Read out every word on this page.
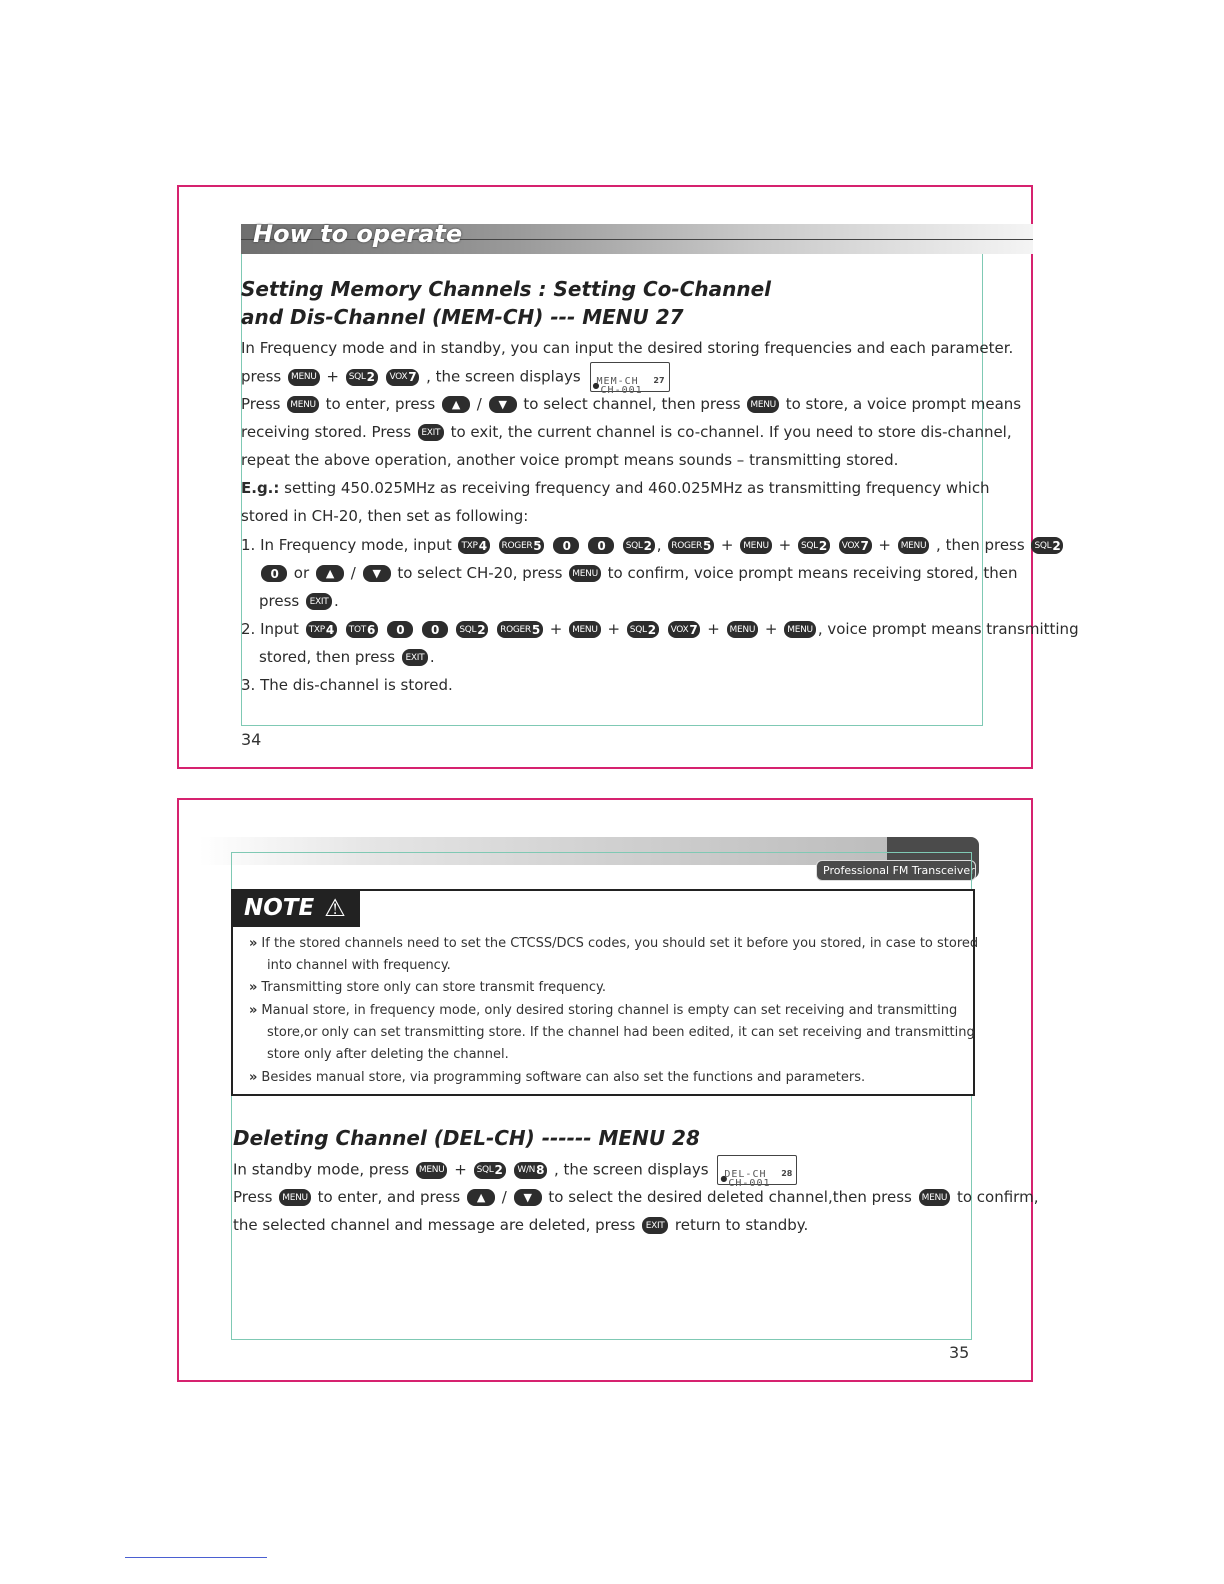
How to operate
Setting Memory Channels : Setting Co-Channel
and Dis-Channel (MEM-CH) --- MENU 27
In Frequency mode and in standby, you can input the desired storing frequencies and each parameter.
press MENU + SQL 2
VOX 7 , the screen displays ●
MEM-CH
CH-001
27
Press MENU to enter, press ▲ / ▼ to select channel, then press MENU to store, a voice prompt means
receiving stored. Press EXIT to exit, the current channel is co-channel. If you need to store dis-channel,
repeat the above operation, another voice prompt means sounds – transmitting stored.
E.g.: setting 450.025MHz as receiving frequency and 460.025MHz as transmitting frequency which
stored in CH-20, then set as following:
1. In Frequency mode, input TXP 4
ROGER 5
0
0
SQL 2 , ROGER 5 + MENU + SQL 2
VOX 7 + MENU , then press SQL 2
0 or ▲ / ▼ to select CH-20, press MENU to confirm, voice prompt means receiving stored, then
press EXIT .
2. Input TXP 4
TOT 6
0
0
SQL 2
ROGER 5 + MENU + SQL 2
VOX 7 + MENU + MENU , voice prompt means transmitting
stored, then press EXIT .
3. The dis-channel is stored.
34
Professional FM Transceiver
NOTE ⚠
» If the stored channels need to set the CTCSS/DCS codes, you should set it before you stored, in case to stored
into channel with frequency.
» Transmitting store only can store transmit frequency.
» Manual store, in frequency mode, only desired storing channel is empty can set receiving and transmitting
store,or only can set transmitting store. If the channel had been edited, it can set receiving and transmitting
store only after deleting the channel.
» Besides manual store, via programming software can also set the functions and parameters.
Deleting Channel (DEL-CH) ------ MENU 28
In standby mode, press MENU + SQL 2
W/N 8 , the screen displays ●
DEL-CH
CH-001
28
Press MENU to enter, and press ▲ / ▼ to select the desired deleted channel,then press MENU to confirm,
the selected channel and message are deleted, press EXIT return to standby.
35
